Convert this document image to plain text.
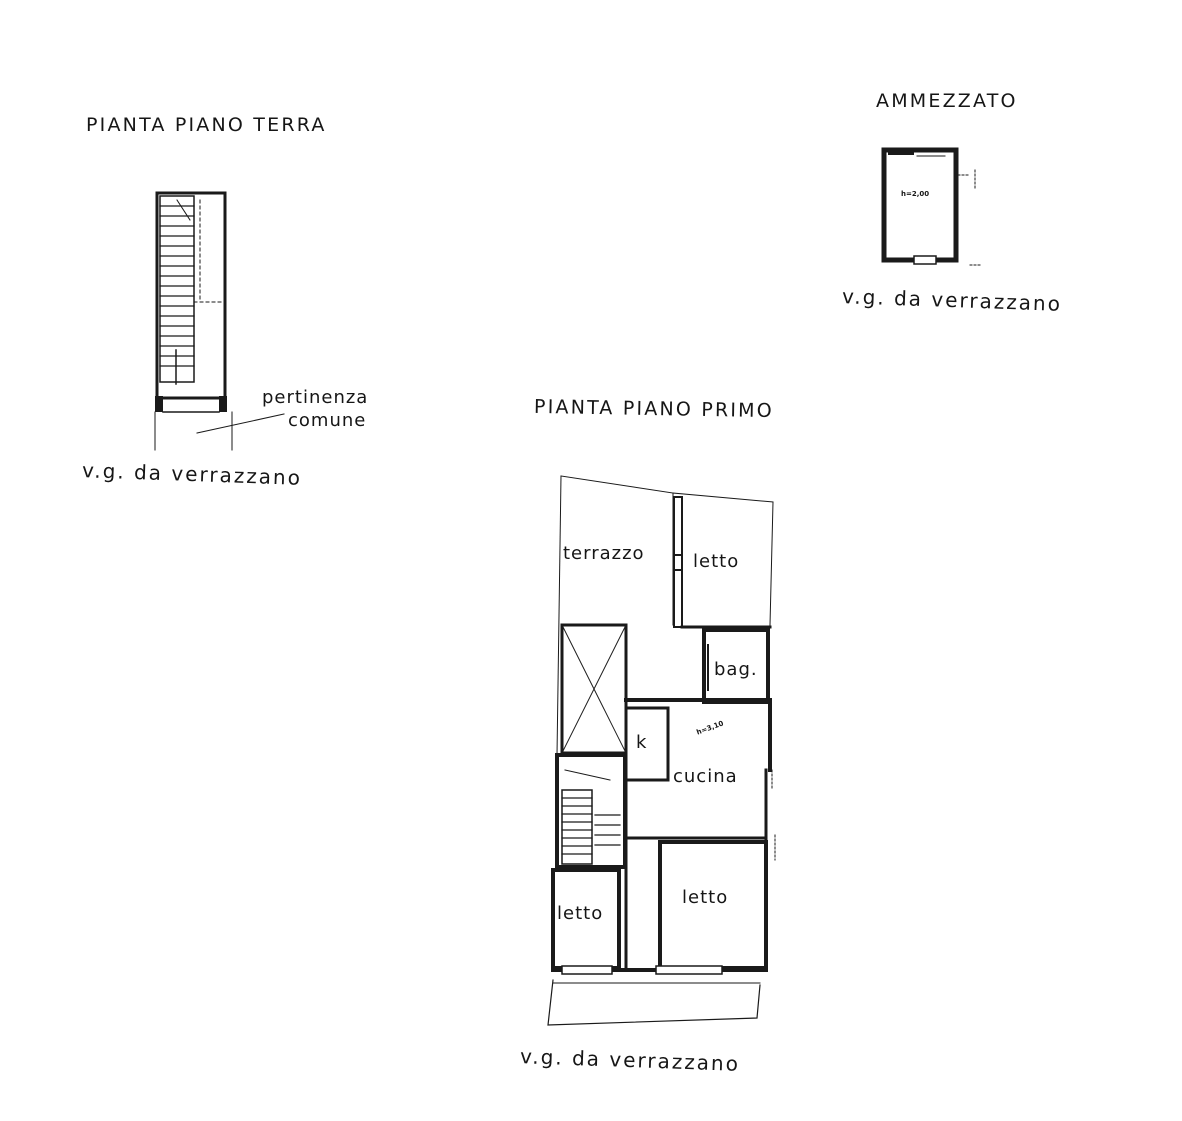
PIANTA PIANO TERRA
v.g. da verrazzano
pertinenza
comune
AMMEZZATO
h=2,00
v.g. da verrazzano
PIANTA PIANO PRIMO
terrazzo	letto
bag.
k
h=3,10
cucina
letto
letto
v.g. da verrazzano
